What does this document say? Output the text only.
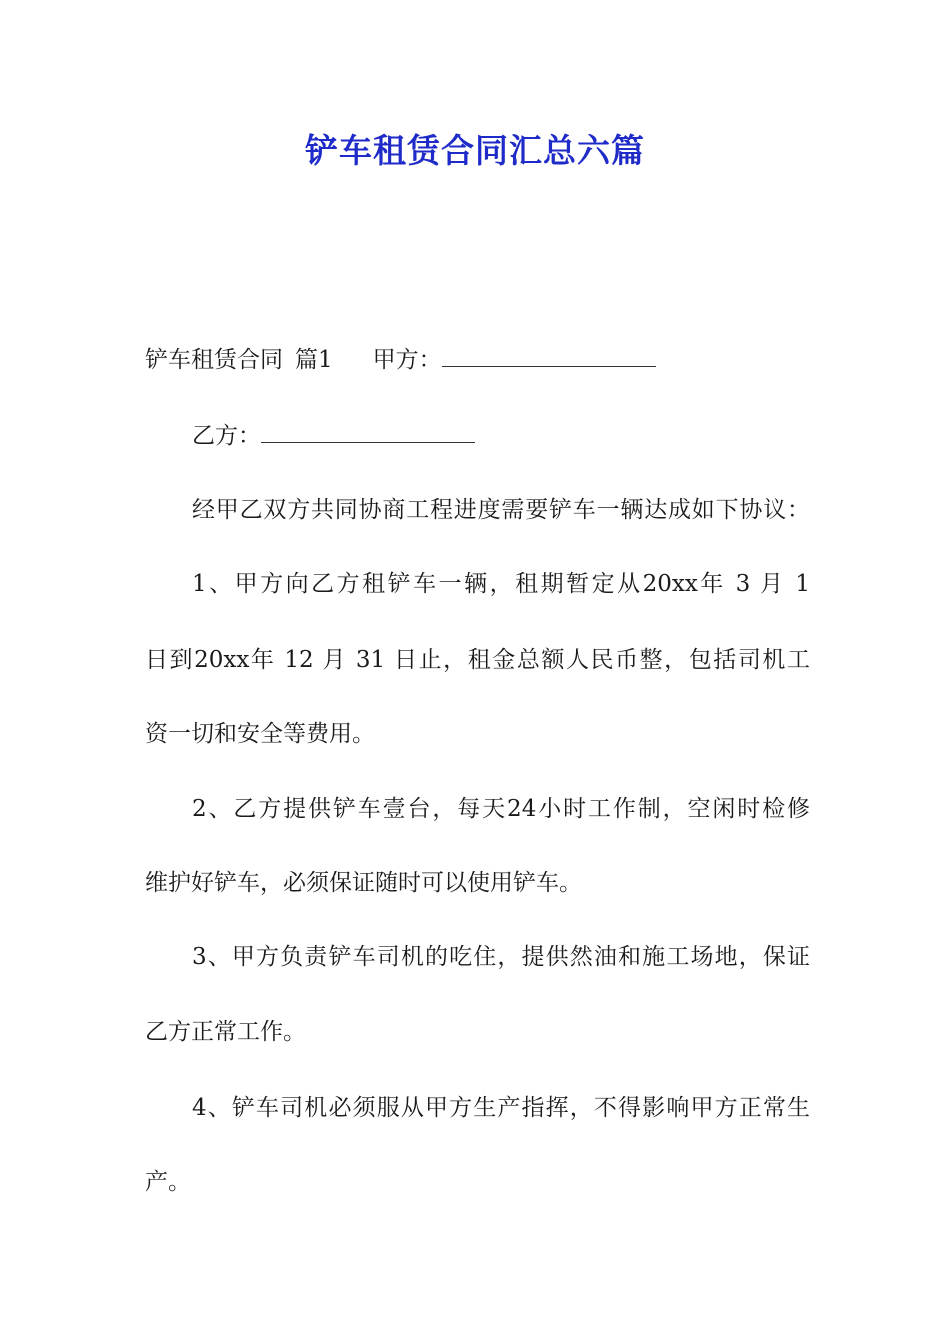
铲车租赁合同汇总六篇
铲车租赁合同 篇1 甲方：
乙方：
经甲乙双方共同协商工程进度需要铲车一辆达成如下协议：
1、甲方向乙方租铲车一辆，租期暂定从20xx年 3 月 1
日到20xx年 12 月 31 日止，租金总额人民币整，包括司机工
资一切和安全等费用。
2、乙方提供铲车壹台，每天24小时工作制，空闲时检修
维护好铲车，必须保证随时可以使用铲车。
3、甲方负责铲车司机的吃住，提供然油和施工场地，保证
乙方正常工作。
4、铲车司机必须服从甲方生产指挥，不得影响甲方正常生
产。
